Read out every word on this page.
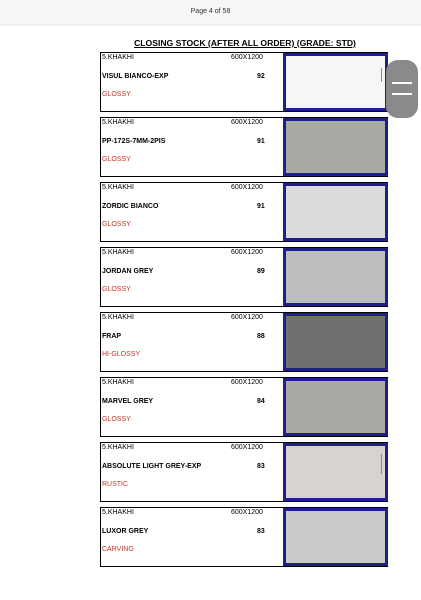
Page 4 of 58
CLOSING STOCK (AFTER ALL ORDER) (GRADE: STD)
5.KHAKHI	600X1200
VISUL BIANCO-EXP	92
GLOSSY
5.KHAKHI	600X1200
PP-172S-7MM-2PIS	91
GLOSSY
5.KHAKHI	600X1200
ZORDIC BIANCO	91
GLOSSY
5.KHAKHI	600X1200
JORDAN GREY	89
GLOSSY
5.KHAKHI	600X1200
FRAP	88
HI-GLOSSY
5.KHAKHI	600X1200
MARVEL GREY	84
GLOSSY
5.KHAKHI	600X1200
ABSOLUTE LIGHT GREY-EXP	83
RUSTIC
5.KHAKHI	600X1200
LUXOR GREY	83
CARVING
